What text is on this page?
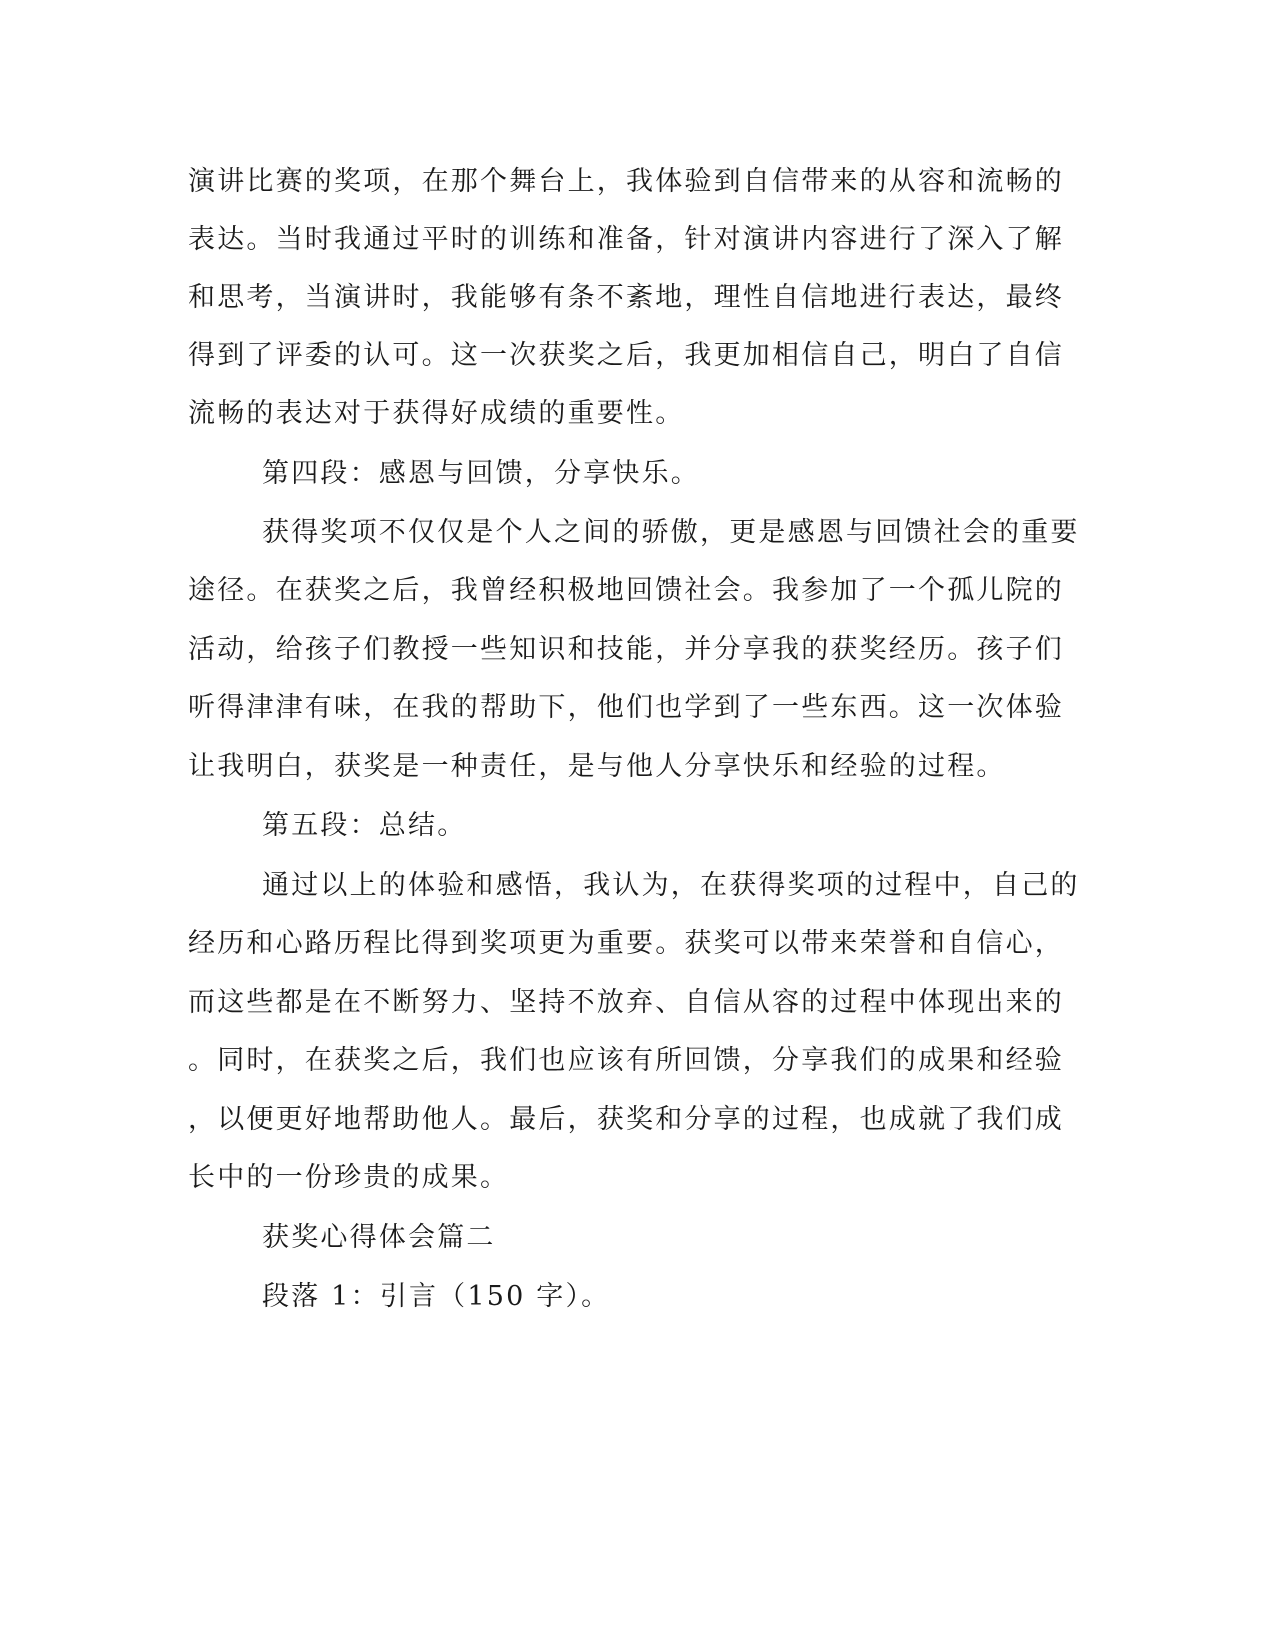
演讲比赛的奖项，在那个舞台上，我体验到自信带来的从容和流畅的
表达。当时我通过平时的训练和准备，针对演讲内容进行了深入了解
和思考，当演讲时，我能够有条不紊地，理性自信地进行表达，最终
得到了评委的认可。这一次获奖之后，我更加相信自己，明白了自信
流畅的表达对于获得好成绩的重要性。
第四段：感恩与回馈，分享快乐。
获得奖项不仅仅是个人之间的骄傲，更是感恩与回馈社会的重要
途径。在获奖之后，我曾经积极地回馈社会。我参加了一个孤儿院的
活动，给孩子们教授一些知识和技能，并分享我的获奖经历。孩子们
听得津津有味，在我的帮助下，他们也学到了一些东西。这一次体验
让我明白，获奖是一种责任，是与他人分享快乐和经验的过程。
第五段：总结。
通过以上的体验和感悟，我认为，在获得奖项的过程中，自己的
经历和心路历程比得到奖项更为重要。获奖可以带来荣誉和自信心，
而这些都是在不断努力、坚持不放弃、自信从容的过程中体现出来的
。同时，在获奖之后，我们也应该有所回馈，分享我们的成果和经验
，以便更好地帮助他人。最后，获奖和分享的过程，也成就了我们成
长中的一份珍贵的成果。
获奖心得体会篇二
段落 1：引言（150 字）。
